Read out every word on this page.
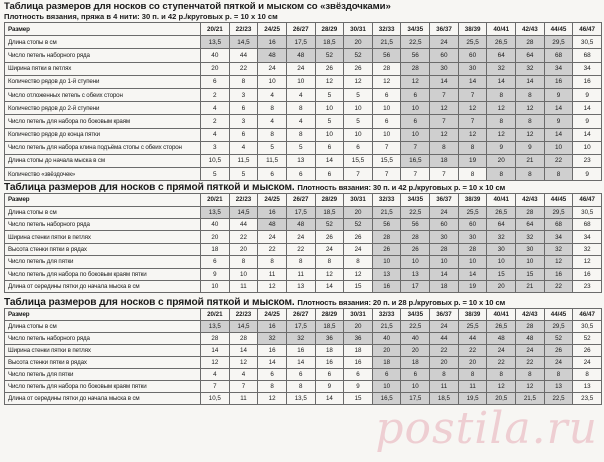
Таблица размеров для носков со ступенчатой пяткой и мыском со «звёздочками»
Плотность вязания, пряжа в 4 нити: 30 п. и 42 р./круговых р. = 10 х 10 см
Размер	20/21	22/23	24/25	26/27	28/29	30/31	32/33	34/35	36/37	38/39	40/41	42/43	44/45	46/47
Длина стопы в см	13,5	14,5	16	17,5	18,5	20	21,5	22,5	24	25,5	26,5	28	29,5	30,5
Число петель наборного ряда	40	44	48	48	52	52	56	56	60	60	64	64	68	68
Ширина пятки в петлях	20	22	24	24	26	26	28	28	30	30	32	32	34	34
Количество рядов до 1-й ступени	6	8	10	10	12	12	12	12	14	14	14	14	16	16
Число отложенных петель с обеих сторон	2	3	4	4	5	5	6	6	7	7	8	8	9	9
Количество рядов до 2-й ступени	4	6	8	8	10	10	10	10	12	12	12	12	14	14
Число петель для набора по боковым краям	2	3	4	4	5	5	6	6	7	7	8	8	9	9
Количество рядов до конца пятки	4	6	8	8	10	10	10	10	12	12	12	12	14	14
Число петель для набора клина подъёма стопы с обеих сторон	3	4	5	5	6	6	7	7	8	8	9	9	10	10
Длина стопы до начала мыска в см	10,5	11,5	11,5	13	14	15,5	15,5	16,5	18	19	20	21	22	23
Количество «звёздочек»	5	5	6	6	6	7	7	7	7	8	8	8	8	9
Таблица размеров для носков с прямой пяткой и мыском. Плотность вязания: 30 п. и 42 р./круговых р. = 10 х 10 см
Размер	20/21	22/23	24/25	26/27	28/29	30/31	32/33	34/35	36/37	38/39	40/41	42/43	44/45	46/47
Длина стопы в см	13,5	14,5	16	17,5	18,5	20	21,5	22,5	24	25,5	26,5	28	29,5	30,5
Число петель наборного ряда	40	44	48	48	52	52	56	56	60	60	64	64	68	68
Ширина стенки пятки в петлях	20	22	24	24	26	26	28	28	30	30	32	32	34	34
Высота стенки пятки в рядах	18	20	22	22	24	24	26	26	28	28	30	30	32	32
Число петель для пятки	6	8	8	8	8	8	10	10	10	10	10	10	12	12
Число петель для набора по боковым краям пятки	9	10	11	11	12	12	13	13	14	14	15	15	16	16
Длина от середины пятки до начала мыска в см	10	11	12	13	14	15	16	17	18	19	20	21	22	23
Таблица размеров для носков с прямой пяткой и мыском. Плотность вязания: 20 п. и 28 р./круговых р. = 10 х 10 см
Размер	20/21	22/23	24/25	26/27	28/29	30/31	32/33	34/35	36/37	38/39	40/41	42/43	44/45	46/47
Длина стопы в см	13,5	14,5	16	17,5	18,5	20	21,5	22,5	24	25,5	26,5	28	29,5	30,5
Число петель наборного ряда	28	28	32	32	36	36	40	40	44	44	48	48	52	52
Ширина стенки пятки в петлях	14	14	16	16	18	18	20	20	22	22	24	24	26	26
Высота стенки пятки в рядах	12	12	14	14	16	16	18	18	20	20	22	22	24	24
Число петель для пятки	4	4	6	6	6	6	6	6	8	8	8	8	8	8
Число петель для набора по боковым краям пятки	7	7	8	8	9	9	10	10	11	11	12	12	13	13
Длина от середины пятки до начала мыска в см	10,5	11	12	13,5	14	15	16,5	17,5	18,5	19,5	20,5	21,5	22,5	23,5
postila.ru
